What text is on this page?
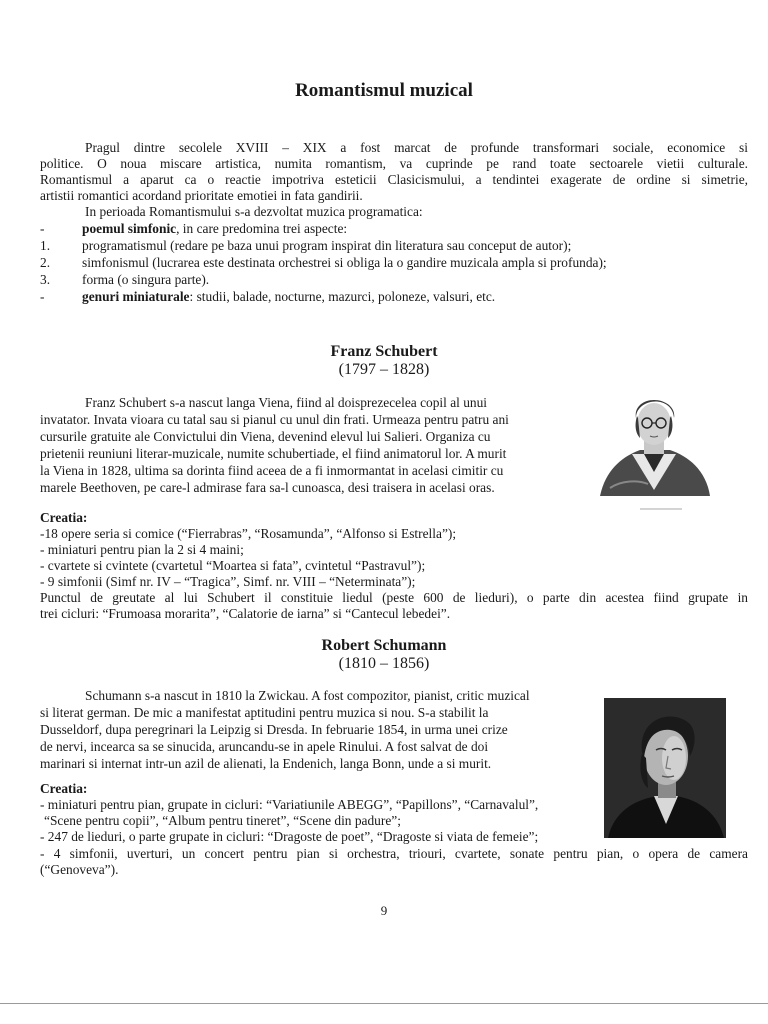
Romantismul muzical
Pragul dintre secolele XVIII – XIX a fost marcat de profunde transformari sociale, economice si
politice. O noua miscare artistica, numita romantism, va cuprinde pe rand toate sectoarele vietii culturale.
Romantismul a aparut ca o reactie impotriva esteticii Clasicismului, a tendintei exagerate de ordine si simetrie,
artistii romantici acordand prioritate emotiei in fata gandirii.
In perioada Romantismului s-a dezvoltat muzica programatica:
-	poemul simfonic, in care predomina trei aspecte:
1. programatismul (redare pe baza unui program inspirat din literatura sau conceput de autor);
2. simfonismul (lucrarea este destinata orchestrei si obliga la o gandire muzicala ampla si profunda);
3. forma (o singura parte).
-	genuri miniaturale: studii, balade, nocturne, mazurci, poloneze, valsuri, etc.
Franz Schubert
(1797 – 1828)
Franz Schubert s-a nascut langa Viena, fiind al doisprezecelea copil al unui
invatator. Invata vioara cu tatal sau si pianul cu unul din frati. Urmeaza pentru patru ani
cursurile gratuite ale Convictului din Viena, devenind elevul lui Salieri. Organiza cu
prietenii reuniuni literar-muzicale, numite schubertiade, el fiind animatorul lor. A murit
la Viena in 1828, ultima sa dorinta fiind aceea de a fi inmormantat in acelasi cimitir cu
marele Beethoven, pe care-l admirase fara sa-l cunoasca, desi traisera in acelasi oras.
Creatia:
-18 opere seria si comice (“Fierrabras”, “Rosamunda”, “Alfonso si Estrella”);
- miniaturi pentru pian la 2 si 4 maini;
- cvartete si cvintete (cvartetul “Moartea si fata”, cvintetul “Pastravul”);
- 9 simfonii (Simf nr. IV – “Tragica”, Simf. nr. VIII – “Neterminata”);
Punctul de greutate al lui Schubert il constituie liedul (peste 600 de lieduri), o parte din acestea fiind grupate in
trei cicluri: “Frumoasa morarita”, “Calatorie de iarna” si “Cantecul lebedei”.
Robert Schumann
(1810 – 1856)
Schumann s-a nascut in 1810 la Zwickau. A fost compozitor, pianist, critic muzical
si literat german. De mic a manifestat aptitudini pentru muzica si nou. S-a stabilit la
Dusseldorf, dupa peregrinari la Leipzig si Dresda. In februarie 1854, in urma unei crize
de nervi, incearca sa se sinucida, aruncandu-se in apele Rinului. A fost salvat de doi
marinari si internat intr-un azil de alienati, la Endenich, langa Bonn, unde a si murit.
Creatia:
- miniaturi pentru pian, grupate in cicluri: “Variatiunile ABEGG”, “Papillons”, “Carnavalul”,
“Scene pentru copii”, “Album pentru tineret”, “Scene din padure”;
- 247 de lieduri, o parte grupate in cicluri: “Dragoste de poet”, “Dragoste si viata de femeie”;
- 4 simfonii, uverturi, un concert pentru pian si orchestra, triouri, cvartete, sonate pentru pian, o opera de camera
(“Genoveva”).
9
